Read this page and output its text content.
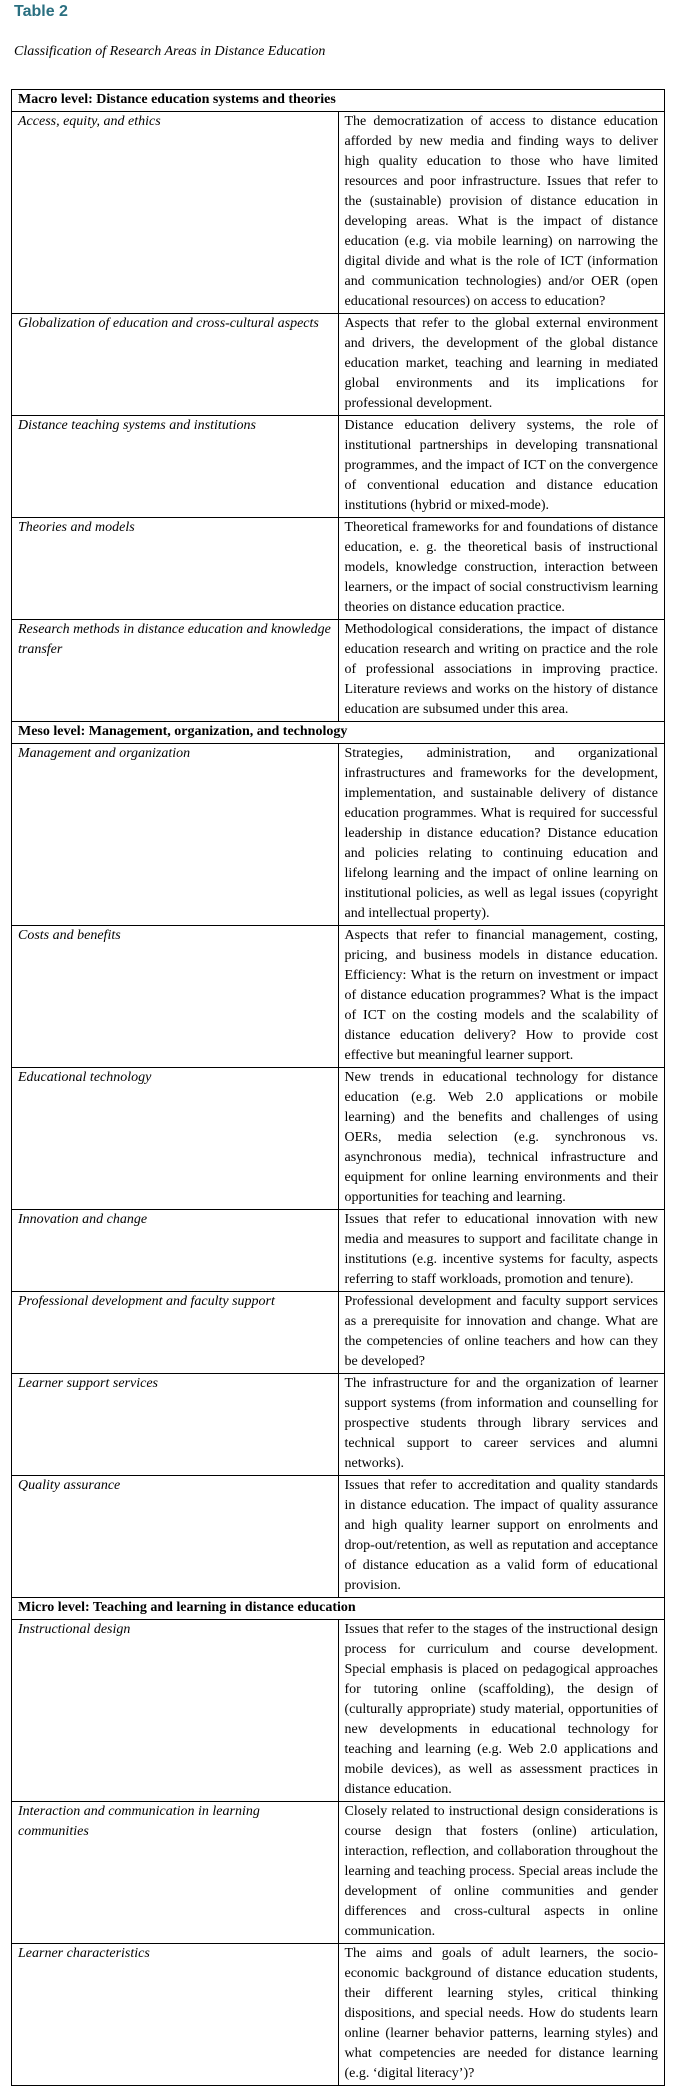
Table 2
Classification of Research Areas in Distance Education
Macro level: Distance education systems and theories	
Access, equity, and ethics	The democratization of access to distance education afforded by new media and finding ways to deliver high quality education to those who have limited resources and poor infrastructure. Issues that refer to the (sustainable) provision of distance education in developing areas. What is the impact of distance education (e.g. via mobile learning) on narrowing the digital divide and what is the role of ICT (information and communication technologies) and/or OER (open educational resources) on access to education?
Globalization of education and cross-cultural aspects	Aspects that refer to the global external environment and drivers, the development of the global distance education market, teaching and learning in mediated global environments and its implications for professional development.
Distance teaching systems and institutions	Distance education delivery systems, the role of institutional partnerships in developing transnational programmes, and the impact of ICT on the convergence of conventional education and distance education institutions (hybrid or mixed-mode).
Theories and models	Theoretical frameworks for and foundations of distance education, e. g. the theoretical basis of instructional models, knowledge construction, interaction between learners, or the impact of social constructivism learning theories on distance education practice.
Research methods in distance education and knowledge transfer	Methodological considerations, the impact of distance education research and writing on practice and the role of professional associations in improving practice. Literature reviews and works on the history of distance education are subsumed under this area.
Meso level: Management, organization, and technology	
Management and organization	Strategies, administration, and organizational infrastructures and frameworks for the development, implementation, and sustainable delivery of distance education programmes. What is required for successful leadership in distance education? Distance education and policies relating to continuing education and lifelong learning and the impact of online learning on institutional policies, as well as legal issues (copyright and intellectual property).
Costs and benefits	Aspects that refer to financial management, costing, pricing, and business models in distance education. Efficiency: What is the return on investment or impact of distance education programmes? What is the impact of ICT on the costing models and the scalability of distance education delivery? How to provide cost effective but meaningful learner support.
Educational technology	New trends in educational technology for distance education (e.g. Web 2.0 applications or mobile learning) and the benefits and challenges of using OERs, media selection (e.g. synchronous vs. asynchronous media), technical infrastructure and equipment for online learning environments and their opportunities for teaching and learning.
Innovation and change	Issues that refer to educational innovation with new media and measures to support and facilitate change in institutions (e.g. incentive systems for faculty, aspects referring to staff workloads, promotion and tenure).
Professional development and faculty support	Professional development and faculty support services as a prerequisite for innovation and change. What are the competencies of online teachers and how can they be developed?
Learner support services	The infrastructure for and the organization of learner support systems (from information and counselling for prospective students through library services and technical support to career services and alumni networks).
Quality assurance	Issues that refer to accreditation and quality standards in distance education. The impact of quality assurance and high quality learner support on enrolments and drop-out/retention, as well as reputation and acceptance of distance education as a valid form of educational provision.
Micro level: Teaching and learning in distance education	
Instructional design	Issues that refer to the stages of the instructional design process for curriculum and course development. Special emphasis is placed on pedagogical approaches for tutoring online (scaffolding), the design of (culturally appropriate) study material, opportunities of new developments in educational technology for teaching and learning (e.g. Web 2.0 applications and mobile devices), as well as assessment practices in distance education.
Interaction and communication in learning communities	Closely related to instructional design considerations is course design that fosters (online) articulation, interaction, reflection, and collaboration throughout the learning and teaching process. Special areas include the development of online communities and gender differences and cross-cultural aspects in online communication.
Learner characteristics	The aims and goals of adult learners, the socio-economic background of distance education students, their different learning styles, critical thinking dispositions, and special needs. How do students learn online (learner behavior patterns, learning styles) and what competencies are needed for distance learning (e.g. ‘digital literacy’)?
